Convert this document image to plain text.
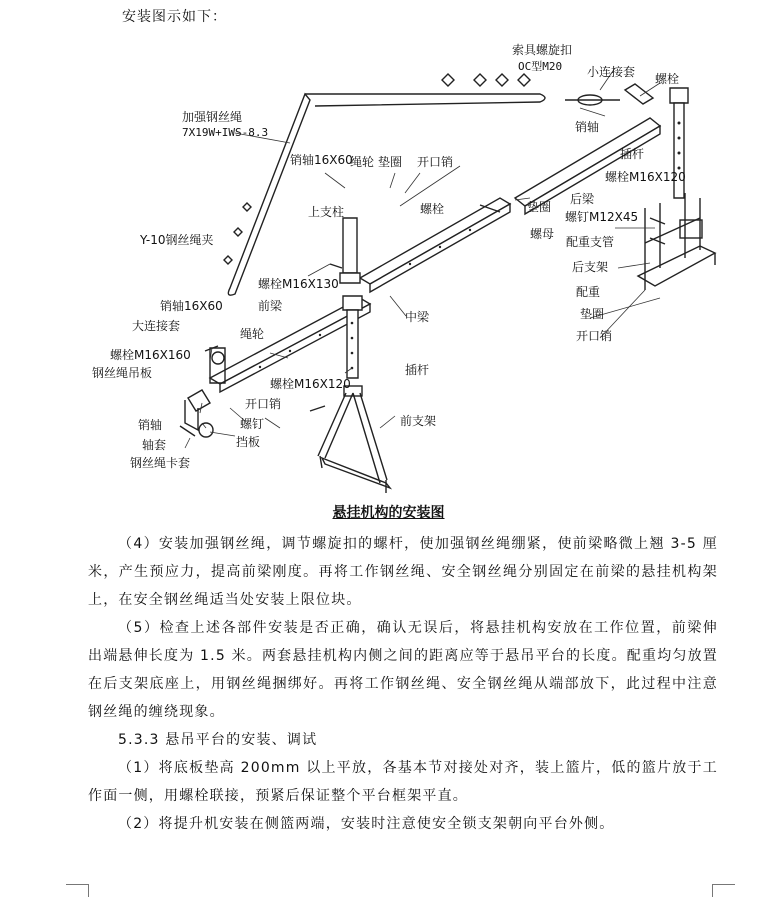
安装图示如下：
索具螺旋扣
OC型M20 小连接套 螺栓
加强钢丝绳
7X19W+IWS-8.3	销轴
销轴16X60
绳轮 垫圈 开口销
插杆
螺栓M16X120
上支柱	螺栓	垫圈
后梁
螺钉M12X45
螺母
Y-10钢丝绳夹	配重支管
后支架
螺栓M16X130
配重
销轴16X60	前梁
垫圈
大连接套
中梁
绳轮	开口销
螺栓M16X160
插杆
钢丝绳吊板
螺栓M16X120
开口销
前支架
销轴	螺钉
挡板
轴套
钢丝绳卡套
悬挂机构的安装图

（4）安装加强钢丝绳，调节螺旋扣的螺杆，使加强钢丝绳绷紧，使前梁略微上翘 3-5 厘米，产生预应力，提高前梁刚度。再将工作钢丝绳、安全钢丝绳分别固定在前梁的悬挂机构架上，在安全钢丝绳适当处安装上限位块。

（5）检查上述各部件安装是否正确，确认无误后，将悬挂机构安放在工作位置，前梁伸出端悬伸长度为 1.5 米。两套悬挂机构内侧之间的距离应等于悬吊平台的长度。配重均匀放置在后支架底座上，用钢丝绳捆绑好。再将工作钢丝绳、安全钢丝绳从端部放下，此过程中注意钢丝绳的缠绕现象。

5.3.3 悬吊平台的安装、调试

（1）将底板垫高 200mm 以上平放，各基本节对接处对齐，装上篮片，低的篮片放于工作面一侧，用螺栓联接，预紧后保证整个平台框架平直。

（2）将提升机安装在侧篮两端，安装时注意使安全锁支架朝向平台外侧。
